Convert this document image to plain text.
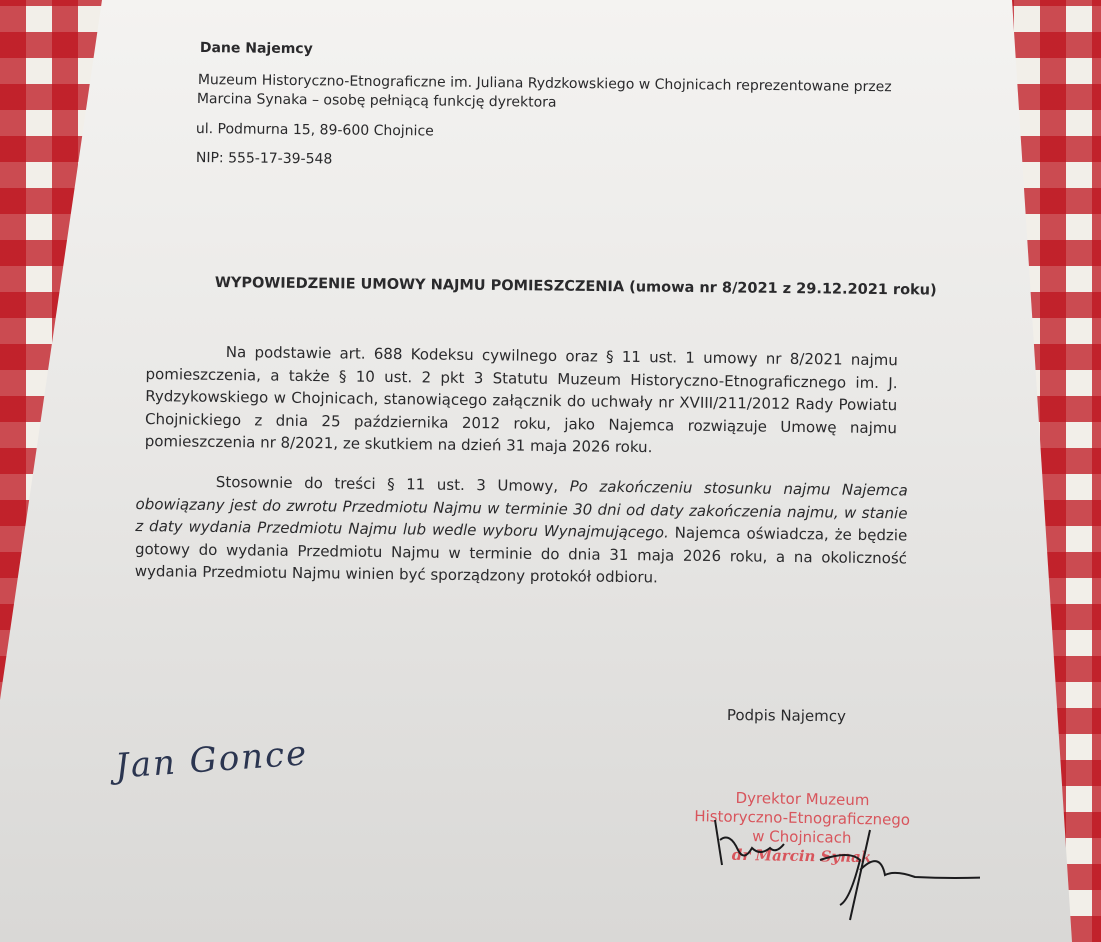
Dane Najemcy
Muzeum Historyczno-Etnograficzne im. Juliana Rydzkowskiego w Chojnicach reprezentowane przez
Marcina Synaka – osobę pełniącą funkcję dyrektora
ul. Podmurna 15, 89-600 Chojnice
NIP: 555-17-39-548
WYPOWIEDZENIE UMOWY NAJMU POMIESZCZENIA (umowa nr 8/2021 z 29.12.2021 roku)

Na podstawie art. 688 Kodeksu cywilnego oraz § 11 ust. 1 umowy nr 8/2021 najmu pomieszczenia, a także § 10 ust. 2 pkt 3 Statutu Muzeum Historyczno-Etnograficznego im. J. Rydzykowskiego w Chojnicach, stanowiącego załącznik do uchwały nr XVIII/211/2012 Rady Powiatu Chojnickiego z dnia 25 października 2012 roku, jako Najemca rozwiązuje Umowę najmu pomieszczenia nr 8/2021, ze skutkiem na dzień 31 maja 2026 roku.

Stosownie do treści § 11 ust. 3 Umowy, Po zakończeniu stosunku najmu Najemca obowiązany jest do zwrotu Przedmiotu Najmu w terminie 30 dni od daty zakończenia najmu, w stanie z daty wydania Przedmiotu Najmu lub wedle wyboru Wynajmującego. Najemca oświadcza, że będzie gotowy do wydania Przedmiotu Najmu w terminie do dnia 31 maja 2026 roku, a na okoliczność wydania Przedmiotu Najmu winien być sporządzony protokół odbioru.

Podpis Najemcy
Jan Gonce
Dyrektor Muzeum
Historyczno-Etnograficznego
w Chojnicach
dr Marcin Synak
